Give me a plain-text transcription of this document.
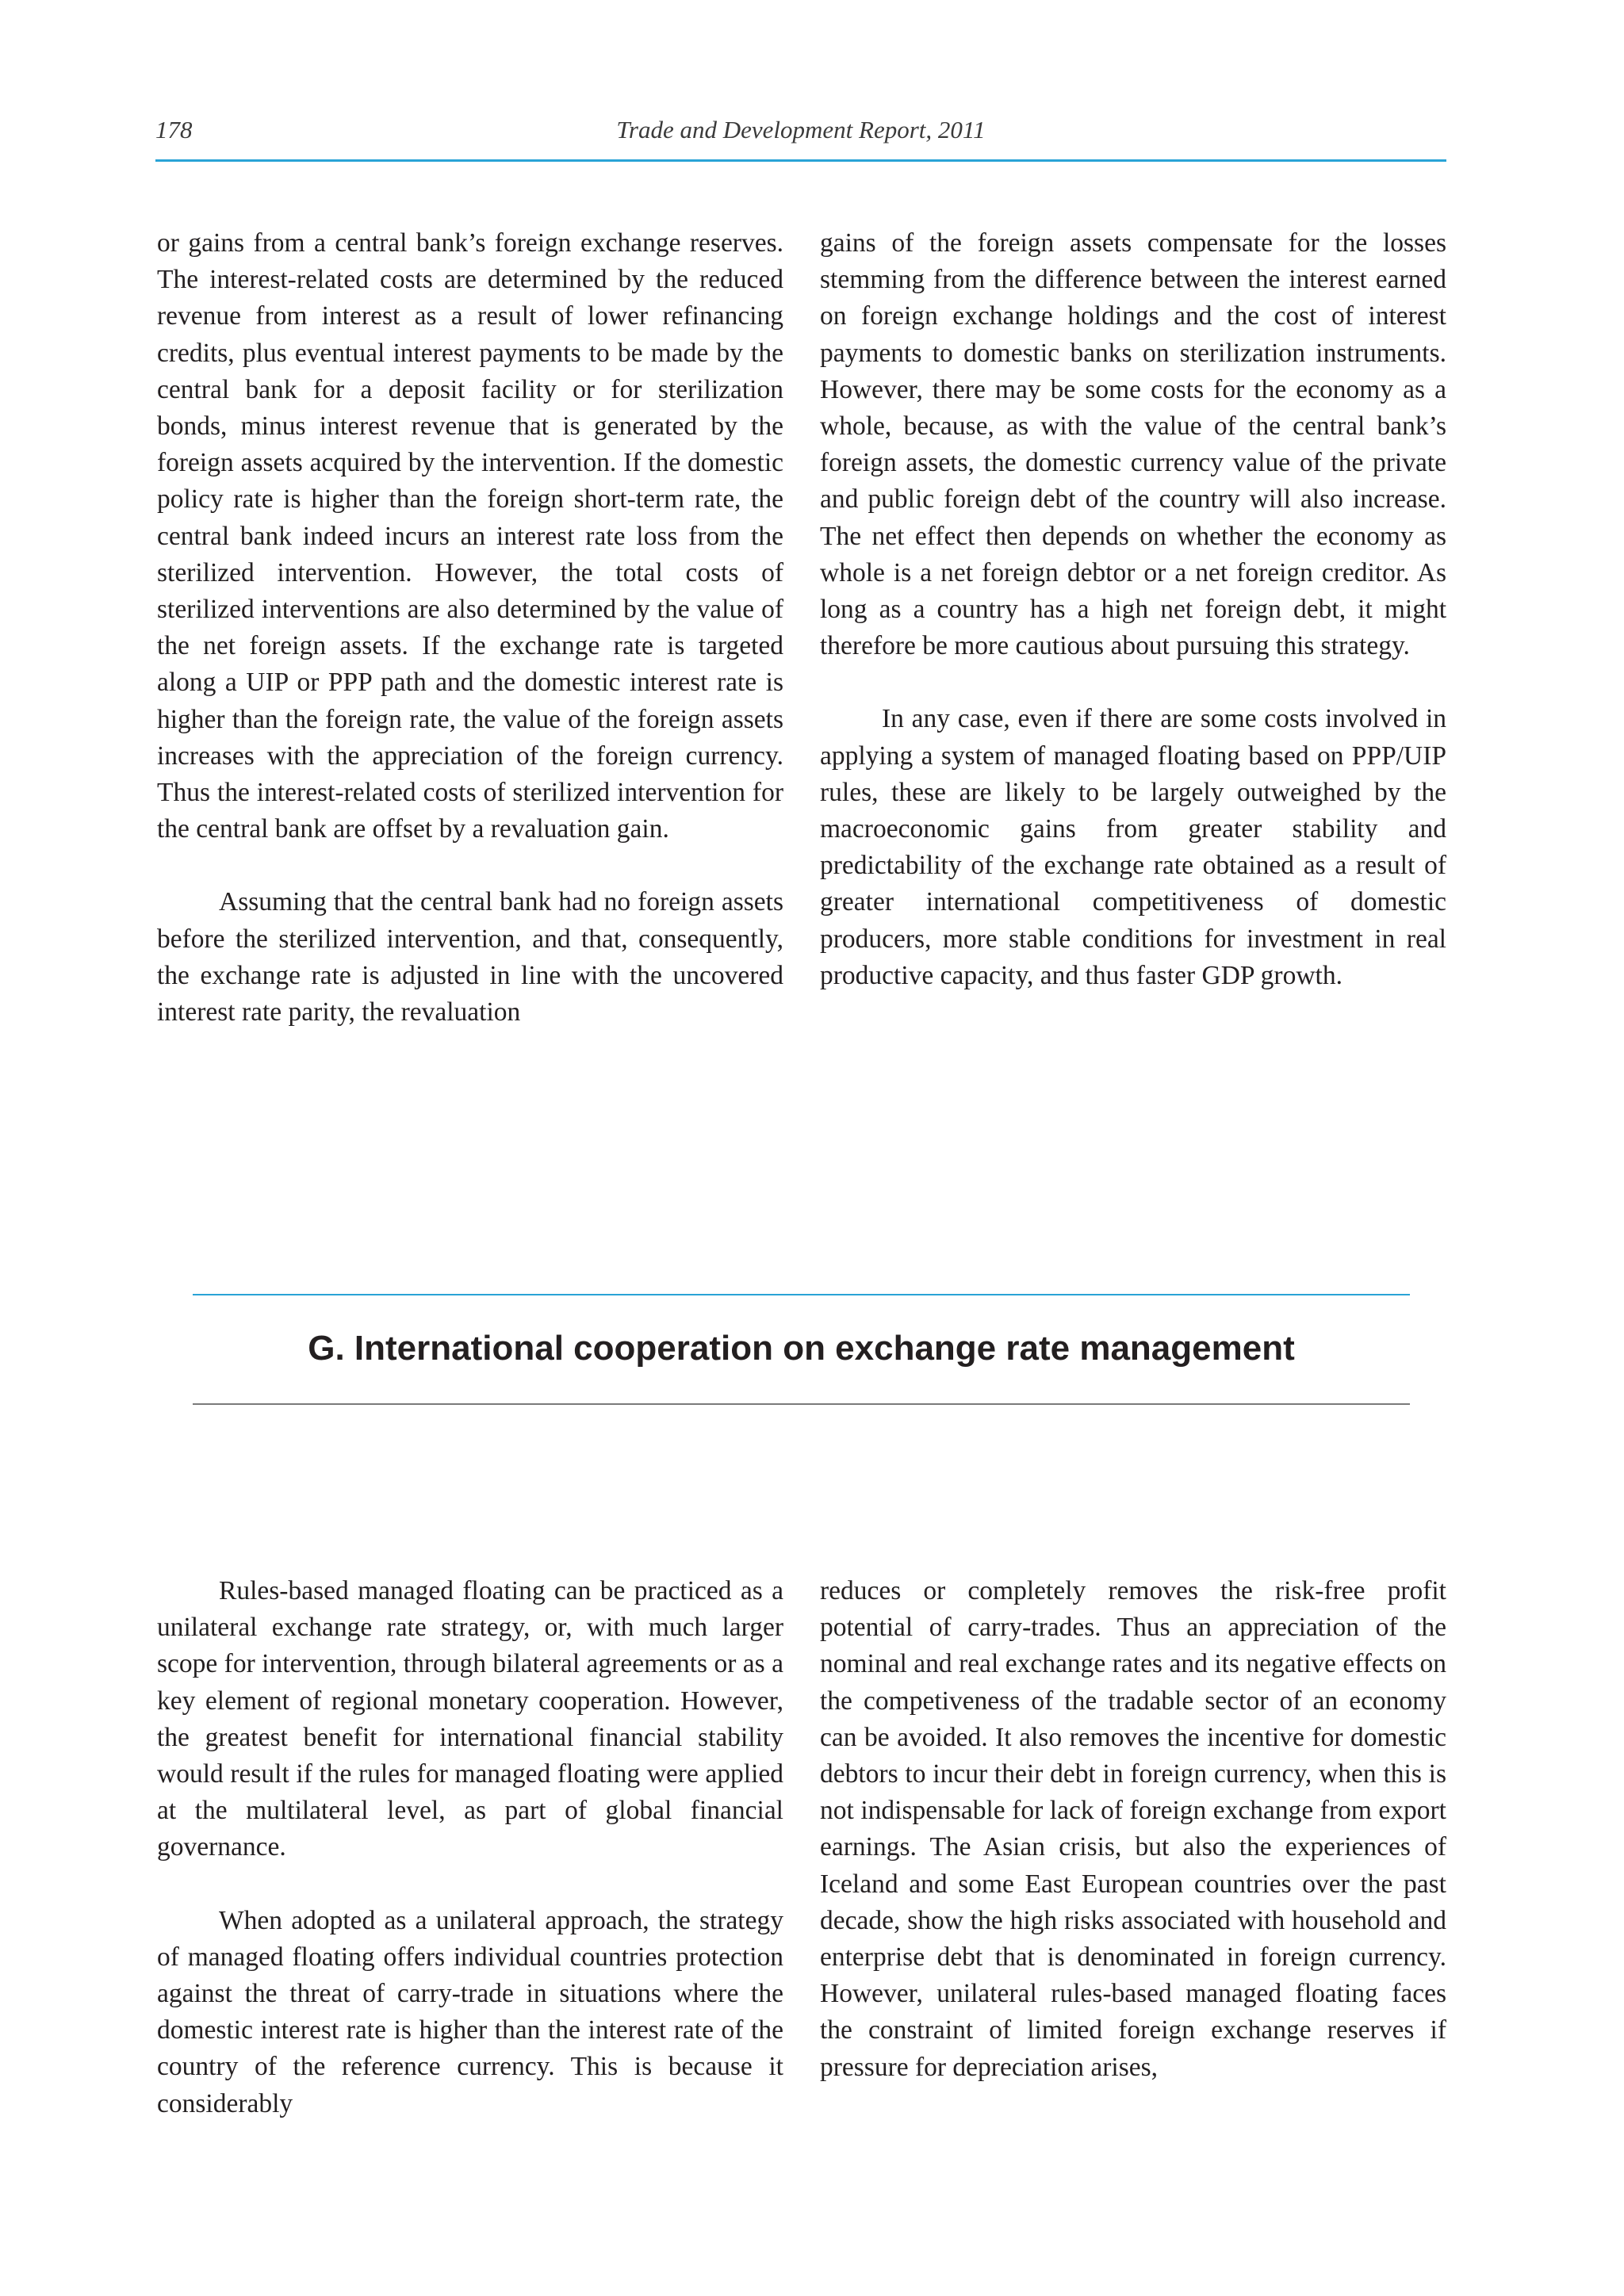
178	Trade and Development Report, 2011

or gains from a central bank’s foreign exchange reserves. The interest-related costs are determined by the reduced revenue from interest as a result of lower refinancing credits, plus eventual interest payments to be made by the central bank for a deposit facility or for sterilization bonds, minus interest revenue that is generated by the foreign assets acquired by the intervention. If the domestic policy rate is higher than the foreign short-term rate, the central bank indeed incurs an interest rate loss from the sterilized intervention. However, the total costs of sterilized interventions are also determined by the value of the net foreign assets. If the exchange rate is targeted along a UIP or PPP path and the domestic interest rate is higher than the foreign rate, the value of the foreign assets increases with the appreciation of the foreign currency. Thus the interest-related costs of sterilized intervention for the central bank are offset by a revaluation gain.

Assuming that the central bank had no foreign assets before the sterilized intervention, and that, consequently, the exchange rate is adjusted in line with the uncovered interest rate parity, the revaluation

gains of the foreign assets compensate for the losses stemming from the difference between the interest earned on foreign exchange holdings and the cost of interest payments to domestic banks on sterilization instruments. However, there may be some costs for the economy as a whole, because, as with the value of the central bank’s foreign assets, the domestic currency value of the private and public foreign debt of the country will also increase. The net effect then depends on whether the economy as whole is a net foreign debtor or a net foreign creditor. As long as a country has a high net foreign debt, it might therefore be more cautious about pursuing this strategy.

In any case, even if there are some costs involved in applying a system of managed floating based on PPP/UIP rules, these are likely to be largely outweighed by the macroeconomic gains from greater stability and predictability of the exchange rate obtained as a result of greater international competitiveness of domestic producers, more stable conditions for investment in real productive capacity, and thus faster GDP growth.

G. International cooperation on exchange rate management

Rules-based managed floating can be practiced as a unilateral exchange rate strategy, or, with much larger scope for intervention, through bilateral agreements or as a key element of regional monetary cooperation. However, the greatest benefit for international financial stability would result if the rules for managed floating were applied at the multilateral level, as part of global financial governance.

When adopted as a unilateral approach, the strategy of managed floating offers individual countries protection against the threat of carry-trade in situations where the domestic interest rate is higher than the interest rate of the country of the reference currency. This is because it considerably

reduces or completely removes the risk-free profit potential of carry-trades. Thus an appreciation of the nominal and real exchange rates and its negative effects on the competiveness of the tradable sector of an economy can be avoided. It also removes the incentive for domestic debtors to incur their debt in foreign currency, when this is not indispensable for lack of foreign exchange from export earnings. The Asian crisis, but also the experiences of Iceland and some East European countries over the past decade, show the high risks associated with household and enterprise debt that is denominated in foreign currency. However, unilateral rules-based managed floating faces the constraint of limited foreign exchange reserves if pressure for depreciation arises,
